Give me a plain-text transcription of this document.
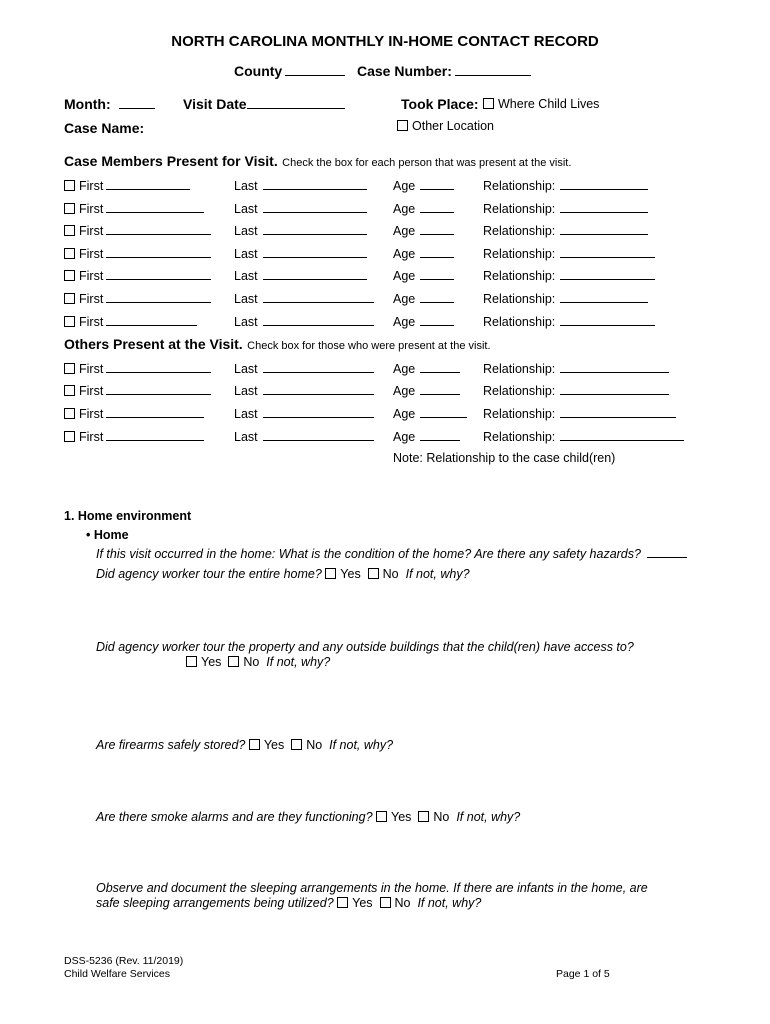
NORTH CAROLINA MONTHLY IN-HOME CONTACT RECORD
County	Case Number:
Month:	Visit Date	Took Place:	Where Child Lives
Other Location
Case Name:
Case Members Present for Visit. Check the box for each person that was present at the visit.
First	Last	Age	Relationship:
First	Last	Age	Relationship:
First	Last	Age	Relationship:
First	Last	Age	Relationship:
First	Last	Age	Relationship:
First	Last	Age	Relationship:
First	Last	Age	Relationship:
Others Present at the Visit. Check box for those who were present at the visit.
First	Last	Age	Relationship:
First	Last	Age	Relationship:
First	Last	Age	Relationship:
First	Last	Age	Relationship:
Note: Relationship to the case child(ren)
1. Home environment
• Home
If this visit occurred in the home: What is the condition of the home? Are there any safety hazards?
Did agency worker tour the entire home? Yes No If not, why?
Did agency worker tour the property and any outside buildings that the child(ren) have access to?
Yes No If not, why?
Are firearms safely stored? Yes No If not, why?
Are there smoke alarms and are they functioning? Yes No If not, why?
Observe and document the sleeping arrangements in the home. If there are infants in the home, are
safe sleeping arrangements being utilized? Yes No If not, why?
DSS-5236 (Rev. 11/2019)
Child Welfare Services	Page 1 of 5
